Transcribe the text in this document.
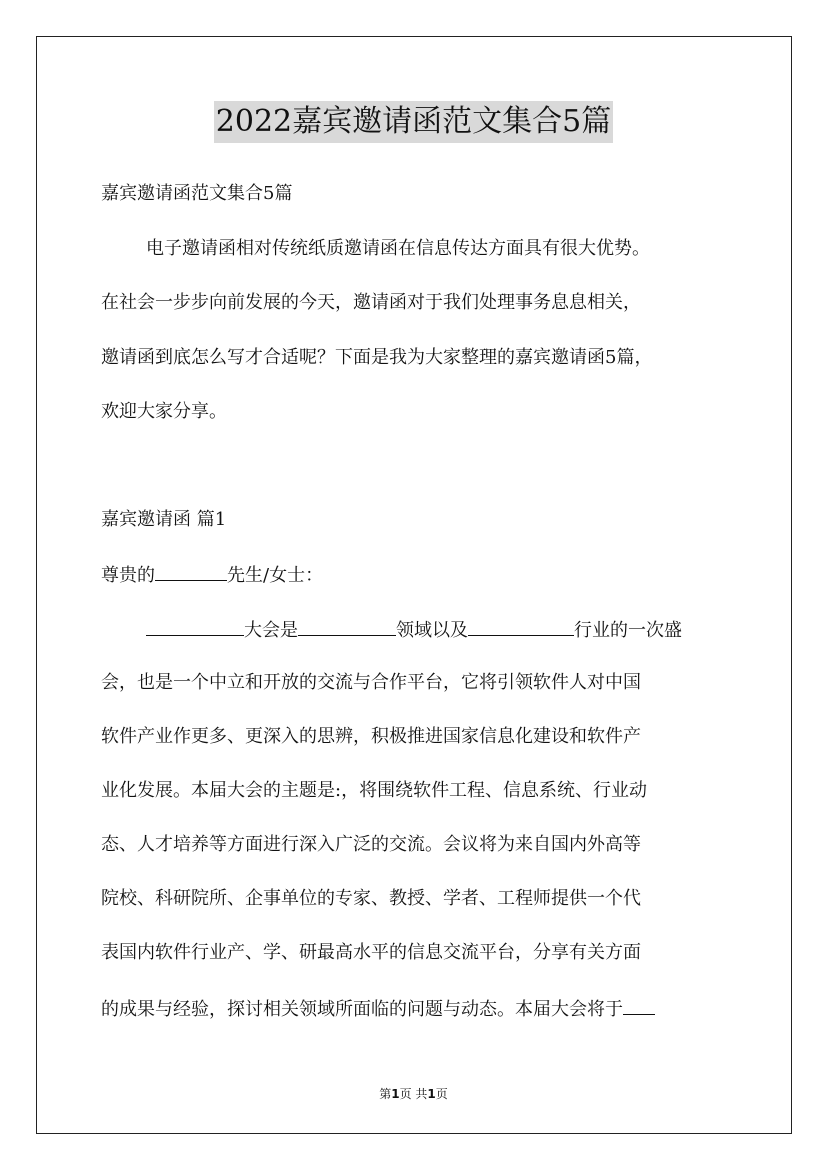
2022嘉宾邀请函范文集合5篇
嘉宾邀请函范文集合5篇
电子邀请函相对传统纸质邀请函在信息传达方面具有很大优势。
在社会一步步向前发展的今天，邀请函对于我们处理事务息息相关，
邀请函到底怎么写才合适呢？下面是我为大家整理的嘉宾邀请函5篇，
欢迎大家分享。
嘉宾邀请函 篇1
尊贵的	先生/女士：
大会是	领域以及	行业的一次盛
会，也是一个中立和开放的交流与合作平台，它将引领软件人对中国
软件产业作更多、更深入的思辨，积极推进国家信息化建设和软件产
业化发展。本届大会的主题是:，将围绕软件工程、信息系统、行业动
态、人才培养等方面进行深入广泛的交流。会议将为来自国内外高等
院校、科研院所、企事单位的专家、教授、学者、工程师提供一个代
表国内软件行业产、学、研最高水平的信息交流平台，分享有关方面
的成果与经验，探讨相关领域所面临的问题与动态。本届大会将于
第1页 共1页
